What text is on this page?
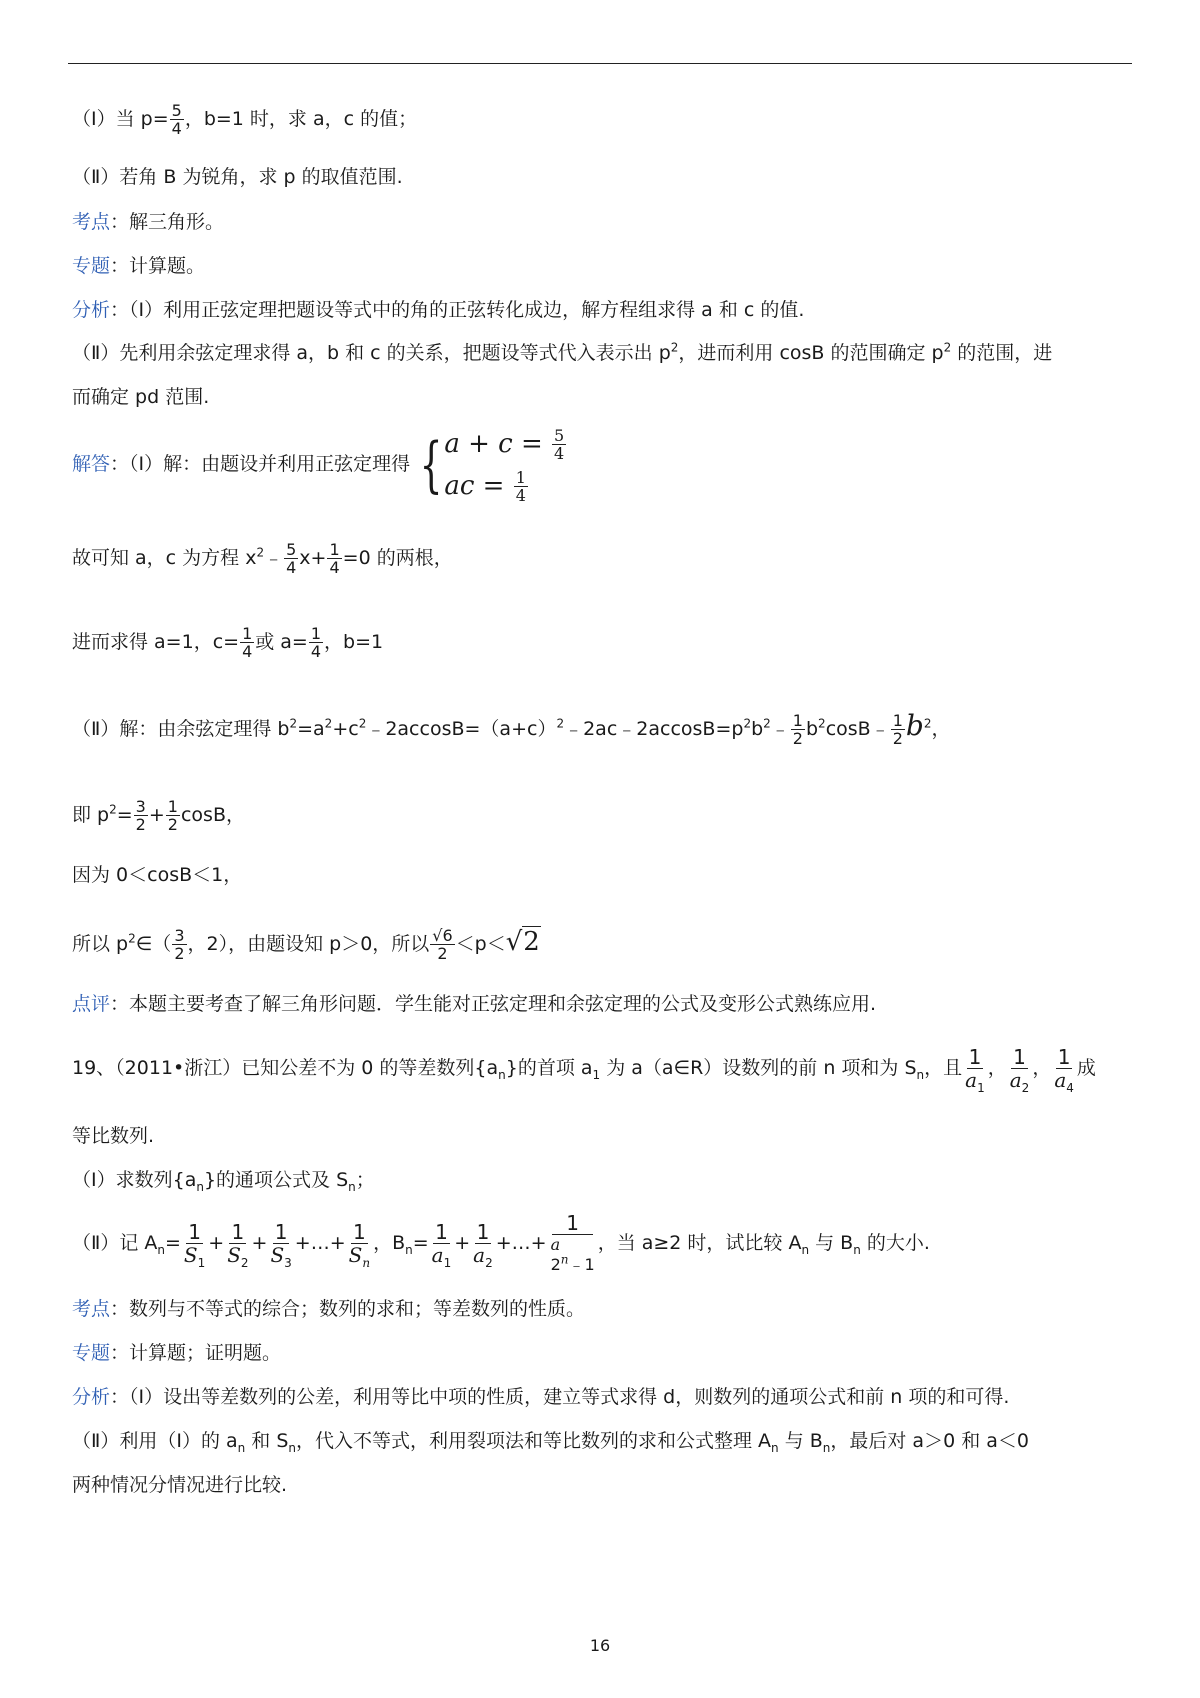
（Ⅰ）当 $p= \frac{5}{4}$ ，b=1 时，求 a，c 的值；
（Ⅱ）若角 B 为锐角，求 p 的取值范围.
考点：解三角形。
专题：计算题。
分析：（Ⅰ）利用正弦定理把题设等式中的角的正弦转化成边，解方程组求得 a 和 c 的值.
（Ⅱ）先利用余弦定理求得 a，b 和 c 的关系，把题设等式代入表示出 $p^2$，进而利用 cosB 的范围确定 $p^2$ 的范围，进
而确定 pd 范围.
解答：（Ⅰ）解：由题设并利用正弦定理得 { $a + c = \frac{5}{4}$
ac = $\frac{1}{4}$
故可知 a，c 为方程 $x^2﹣ \frac{5}{4} x+ \frac{1}{4} =0$ 的两根，
进而求得 a=1，$c= \frac{1}{4}$ 或 $a= \frac{1}{4}$ ，b=1
（Ⅱ）解：由余弦定理得 $b^2=a^2+c^2﹣2accosB=(a+c)^2﹣2ac﹣2accosB=p^2b^2﹣ \frac{1}{2}$ $b^2\cos B﹣ \frac{1}{2} b^2$，
即 $p^2= \frac{3}{2} + \frac{1}{2}$ cosB，
因为 0＜cosB＜1，
所以 $p^2\in( \frac{3}{2}$ ，2），由题设知 p＞0，所以 $\frac{√6}{2} <p<√2$
点评：本题主要考查了解三角形问题．学生能对正弦定理和余弦定理的公式及变形公式熟练应用.
19、（2011•浙江）已知公差不为 0 的等差数列$\{a_n\}$的首项 $a_1$ 为 a（a∈R）设数列的前 n 项和为 $S_n$，且 $\frac{1}{a_1}$ ， $\frac{1}{a_2}$ ， $\frac{1}{a_4}$ 成
等比数列.
（Ⅰ）求数列$\{a_n\}$的通项公式及 $S_n$；
（Ⅱ）记 $A_n= \frac{1}{S_1} + \frac{1}{S_2} + \frac{1}{S_3}$ +…+ $\frac{1}{S_n}$ ，$B_n= \frac{1}{a_1} + \frac{1}{a_2}$ +…+
1
a
2$^n$﹣1
，当 a≥2 时，试比较 $A_n$ 与 $B_n$ 的大小.
考点：数列与不等式的综合；数列的求和；等差数列的性质。
专题：计算题；证明题。
分析：（Ⅰ）设出等差数列的公差，利用等比中项的性质，建立等式求得 d，则数列的通项公式和前 n 项的和可得.
（Ⅱ）利用（Ⅰ）的 $a_n$ 和 $S_n$，代入不等式，利用裂项法和等比数列的求和公式整理 $A_n$ 与 $B_n$，最后对 a＞0 和 a＜0
两种情况分情况进行比较.
16
